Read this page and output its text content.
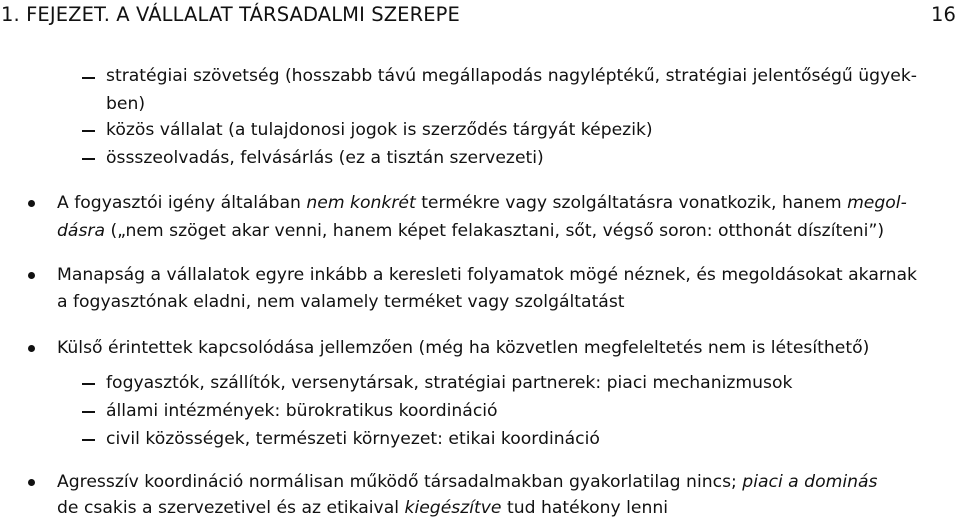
1. FEJEZET. A VÁLLALAT TÁRSADALMI SZEREPE	16
stratégiai szövetség (hosszabb távú megállapodás nagyléptékű, stratégiai jelentőségű ügyek-
ben)
közös vállalat (a tulajdonosi jogok is szerződés tárgyát képezik)
össszeolvadás, felvásárlás (ez a tisztán szervezeti)
A fogyasztói igény általában nem konkrét termékre vagy szolgáltatásra vonatkozik, hanem megol-
dásra („nem szöget akar venni, hanem képet felakasztani, sőt, végső soron: otthonát díszíteni”)
Manapság a vállalatok egyre inkább a keresleti folyamatok mögé néznek, és megoldásokat akarnak
a fogyasztónak eladni, nem valamely terméket vagy szolgáltatást
Külső érintettek kapcsolódása jellemzően (még ha közvetlen megfeleltetés nem is létesíthető)
fogyasztók, szállítók, versenytársak, stratégiai partnerek: piaci mechanizmusok
állami intézmények: bürokratikus koordináció
civil közösségek, természeti környezet: etikai koordináció
Agresszív koordináció normálisan működő társadalmakban gyakorlatilag nincs; piaci a dominás
de csakis a szervezetivel és az etikaival kiegészítve tud hatékony lenni
